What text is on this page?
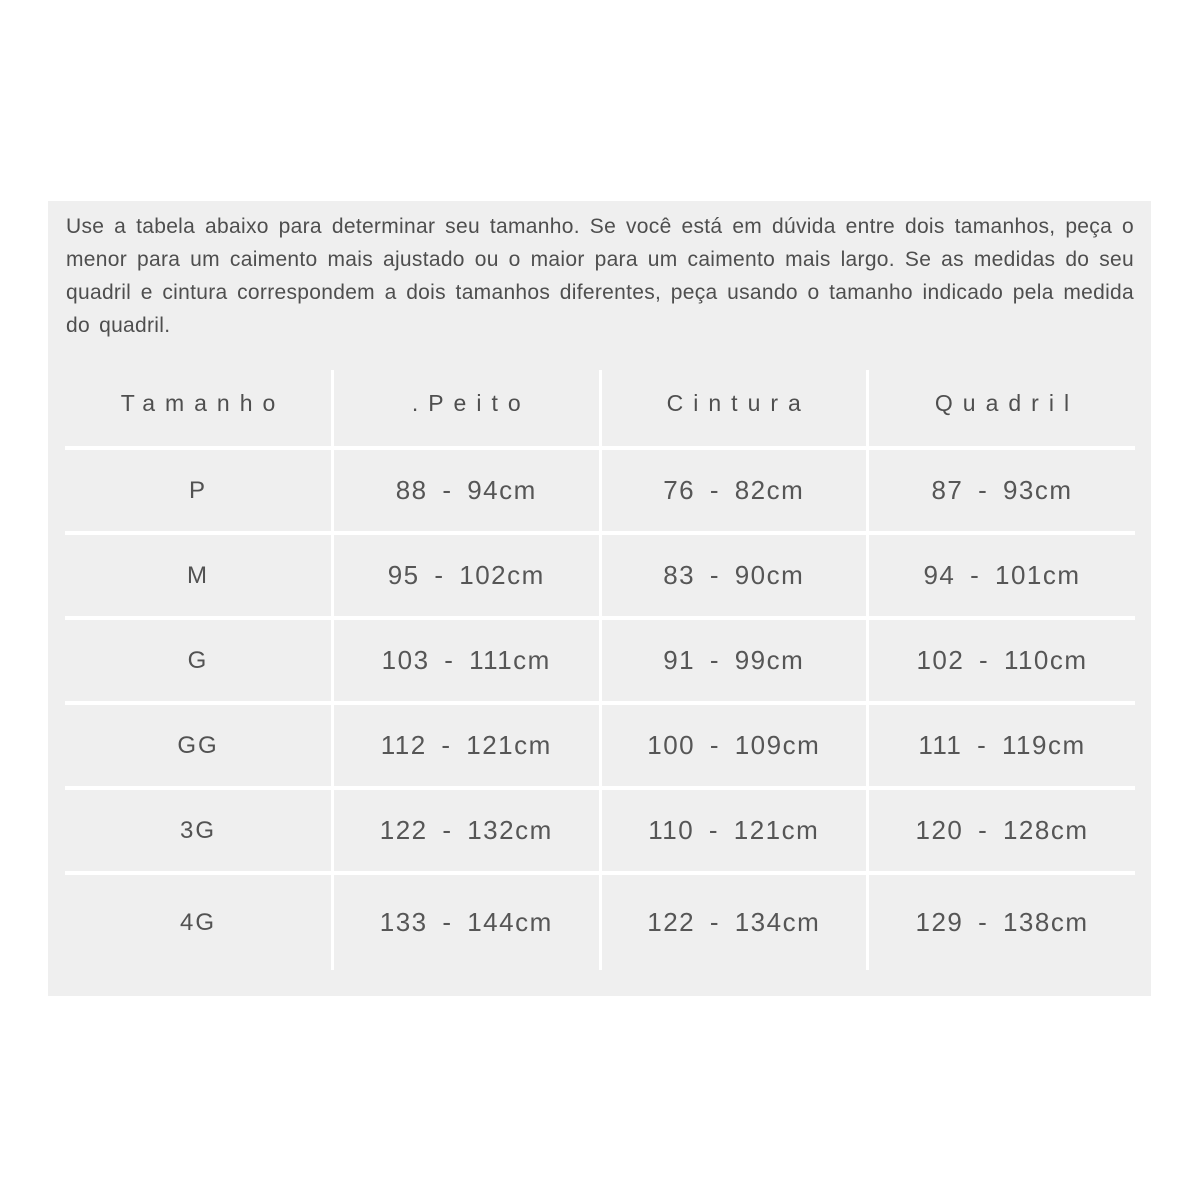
Use a tabela abaixo para determinar seu tamanho. Se você está em dúvida entre dois tamanhos, peça o menor para um caimento mais ajustado ou o maior para um caimento mais largo. Se as medidas do seu quadril e cintura correspondem a dois tamanhos diferentes, peça usando o tamanho indicado pela medida do quadril.

Tamanho	.Peito	Cintura	Quadril
P	88 - 94cm	76 - 82cm	87 - 93cm
M	95 - 102cm	83 - 90cm	94 - 101cm
G	103 - 111cm	91 - 99cm	102 - 110cm
GG	112 - 121cm	100 - 109cm	111 - 119cm
3G	122 - 132cm	110 - 121cm	120 - 128cm
4G	133 - 144cm	122 - 134cm	129 - 138cm
